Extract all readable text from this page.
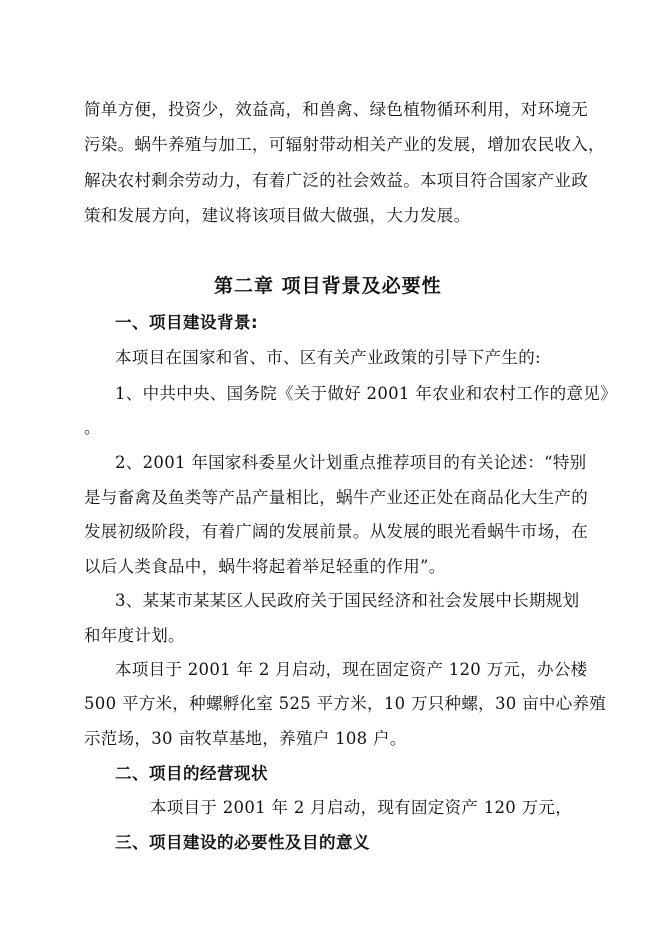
简单方便，投资少，效益高，和兽禽、绿色植物循环利用，对环境无
污染。蜗牛养殖与加工，可辐射带动相关产业的发展，增加农民收入，
解决农村剩余劳动力，有着广泛的社会效益。本项目符合国家产业政
策和发展方向，建议将该项目做大做强，大力发展。
第二章 项目背景及必要性
一、项目建设背景:
本项目在国家和省、市、区有关产业政策的引导下产生的:
1、中共中央、国务院《关于做好 2001 年农业和农村工作的意见》
。
2、2001 年国家科委星火计划重点推荐项目的有关论述：“特别
是与畜禽及鱼类等产品产量相比，蜗牛产业还正处在商品化大生产的
发展初级阶段，有着广阔的发展前景。从发展的眼光看蜗牛市场，在
以后人类食品中，蜗牛将起着举足轻重的作用”。
3、某某市某某区人民政府关于国民经济和社会发展中长期规划
和年度计划。
本项目于 2001 年 2 月启动，现在固定资产 120 万元，办公楼
500 平方米，种螺孵化室 525 平方米，10 万只种螺，30 亩中心养殖
示范场，30 亩牧草基地，养殖户 108 户。
二、项目的经营现状
本项目于 2001 年 2 月启动，现有固定资产 120 万元，
三、项目建设的必要性及目的意义
